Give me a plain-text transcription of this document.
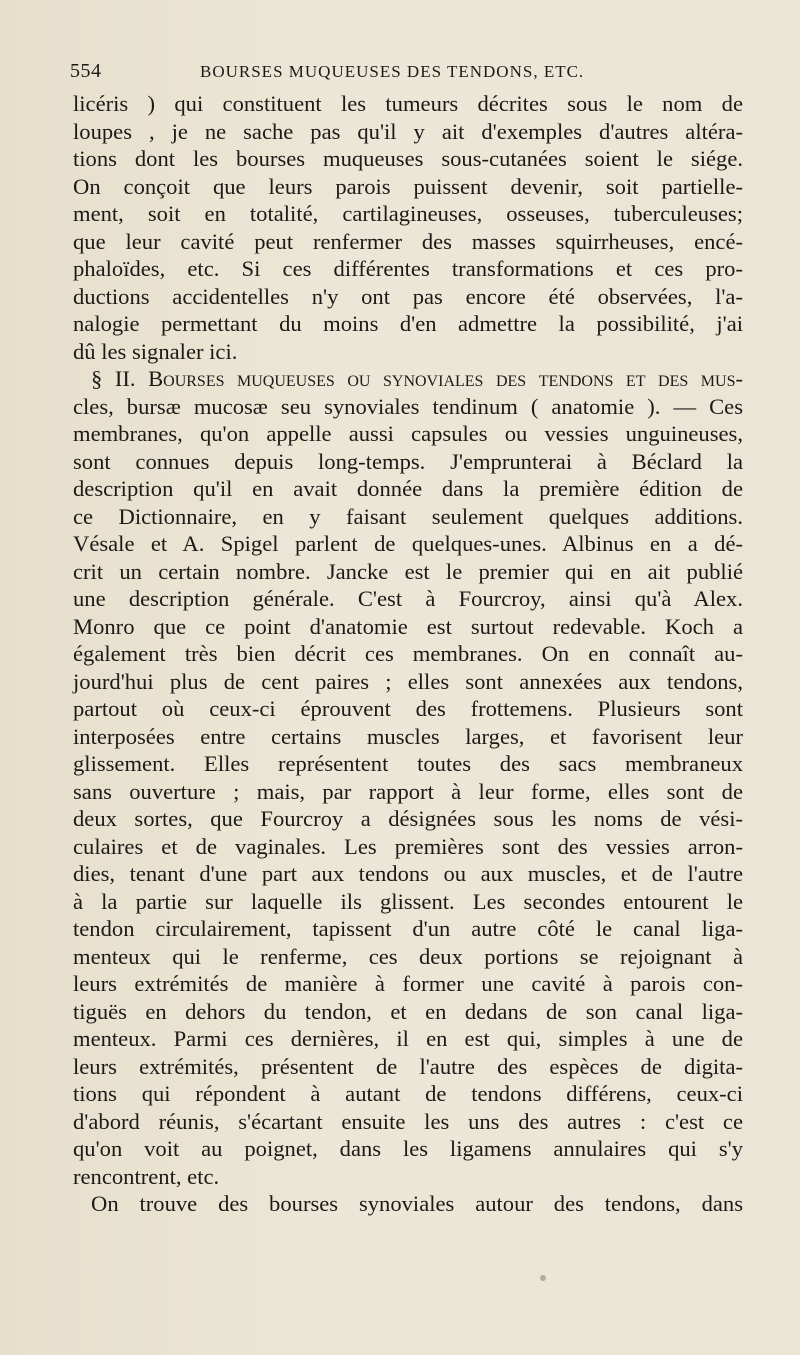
554	BOURSES MUQUEUSES DES TENDONS, ETC.
licéris ) qui constituent les tumeurs décrites sous le nom de
loupes , je ne sache pas qu'il y ait d'exemples d'autres altéra-
tions dont les bourses muqueuses sous-cutanées soient le siége.
On conçoit que leurs parois puissent devenir, soit partielle-
ment, soit en totalité, cartilagineuses, osseuses, tuberculeuses;
que leur cavité peut renfermer des masses squirrheuses, encé-
phaloïdes, etc. Si ces différentes transformations et ces pro-
ductions accidentelles n'y ont pas encore été observées, l'a-
nalogie permettant du moins d'en admettre la possibilité, j'ai
dû les signaler ici.
§ II. Bourses muqueuses ou synoviales des tendons et des mus-
cles, bursæ mucosæ seu synoviales tendinum ( anatomie ). — Ces
membranes, qu'on appelle aussi capsules ou vessies unguineuses,
sont connues depuis long-temps. J'emprunterai à Béclard la
description qu'il en avait donnée dans la première édition de
ce Dictionnaire, en y faisant seulement quelques additions.
Vésale et A. Spigel parlent de quelques-unes. Albinus en a dé-
crit un certain nombre. Jancke est le premier qui en ait publié
une description générale. C'est à Fourcroy, ainsi qu'à Alex.
Monro que ce point d'anatomie est surtout redevable. Koch a
également très bien décrit ces membranes. On en connaît au-
jourd'hui plus de cent paires ; elles sont annexées aux tendons,
partout où ceux-ci éprouvent des frottemens. Plusieurs sont
interposées entre certains muscles larges, et favorisent leur
glissement. Elles représentent toutes des sacs membraneux
sans ouverture ; mais, par rapport à leur forme, elles sont de
deux sortes, que Fourcroy a désignées sous les noms de vési-
culaires et de vaginales. Les premières sont des vessies arron-
dies, tenant d'une part aux tendons ou aux muscles, et de l'autre
à la partie sur laquelle ils glissent. Les secondes entourent le
tendon circulairement, tapissent d'un autre côté le canal liga-
menteux qui le renferme, ces deux portions se rejoignant à
leurs extrémités de manière à former une cavité à parois con-
tiguës en dehors du tendon, et en dedans de son canal liga-
menteux. Parmi ces dernières, il en est qui, simples à une de
leurs extrémités, présentent de l'autre des espèces de digita-
tions qui répondent à autant de tendons différens, ceux-ci
d'abord réunis, s'écartant ensuite les uns des autres : c'est ce
qu'on voit au poignet, dans les ligamens annulaires qui s'y
rencontrent, etc.
On trouve des bourses synoviales autour des tendons, dans
